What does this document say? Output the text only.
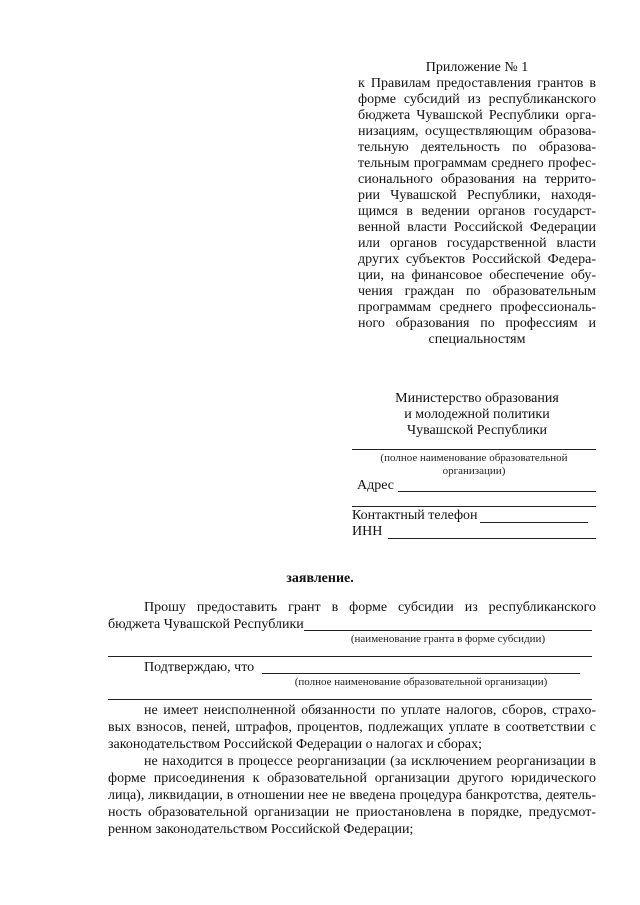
Приложение № 1
к Правилам предоставления грантов в
форме субсидий из республиканского
бюджета Чувашской Республики орга-
низациям, осуществляющим образова-
тельную деятельность по образова-
тельным программам среднего профес-
сионального образования на террито-
рии Чувашской Республики, находя-
щимся в ведении органов государст-
венной власти Российской Федерации
или органов государственной власти
других субъектов Российской Федера-
ции, на финансовое обеспечение обу-
чения граждан по образовательным
программам среднего профессиональ-
ного образования по профессиям и
специальностям
Министерство образования
и молодежной политики
Чувашской Республики
(полное наименование образовательной
организации)
Адрес
Контактный телефон
ИНН
заявление.
Прошу предоставить грант в форме субсидии из республиканского
бюджета Чувашской Республики
(наименование гранта в форме субсидии)
Подтверждаю, что
(полное наименование образовательной организации)
не имеет неисполненной обязанности по уплате налогов, сборов, страхо-
вых взносов, пеней, штрафов, процентов, подлежащих уплате в соответствии с
законодательством Российской Федерации о налогах и сборах;
не находится в процессе реорганизации (за исключением реорганизации в
форме присоединения к образовательной организации другого юридического
лица), ликвидации, в отношении нее не введена процедура банкротства, деятель-
ность образовательной организации не приостановлена в порядке, предусмот-
ренном законодательством Российской Федерации;
